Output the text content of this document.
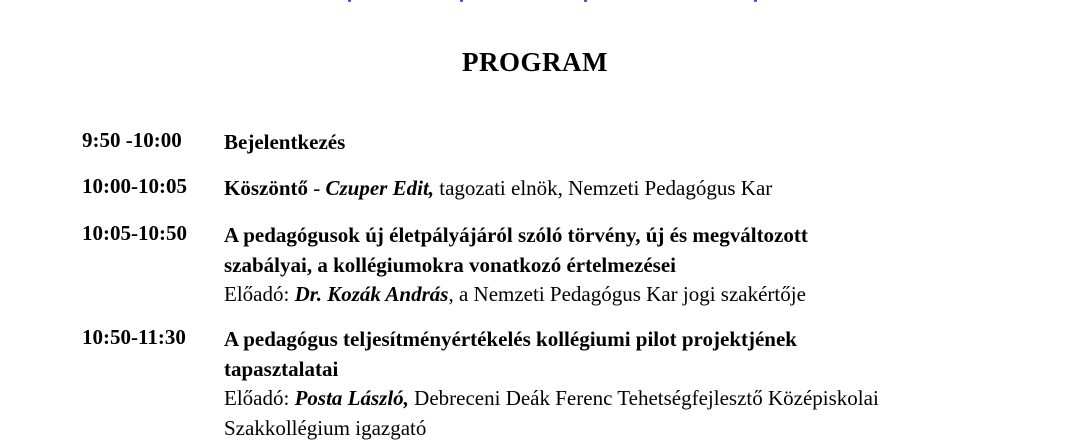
PROGRAM
9:50 -10:00 Bejelentkezés
10:00-10:05 Köszöntő - Czuper Edit, tagozati elnök, Nemzeti Pedagógus Kar
10:05-10:50 A pedagógusok új életpályájáról szóló törvény, új és megváltozott
szabályai, a kollégiumokra vonatkozó értelmezései
Előadó: Dr. Kozák András, a Nemzeti Pedagógus Kar jogi szakértője
10:50-11:30 A pedagógus teljesítményértékelés kollégiumi pilot projektjének
tapasztalatai
Előadó: Posta László, Debreceni Deák Ferenc Tehetségfejlesztő Középiskolai
Szakkollégium igazgató
